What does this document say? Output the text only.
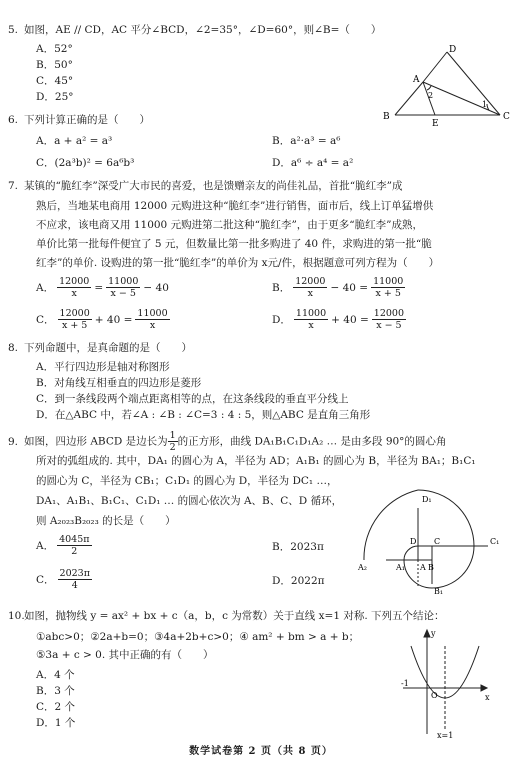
5. 如图，AE // CD，AC 平分∠BCD，∠2=35°，∠D=60°，则∠B=（　　）
A．52°
B．50°
C．45°
D．25°
D
A
B
E
C
1
2
6. 下列计算正确的是（　　）
A．a + a² = a³	B．a²·a³ = a⁶
C．(2a³b)² = 6a⁶b³	D．a⁶ ÷ a⁴ = a²
7. 某镇的“脆红李”深受广大市民的喜爱，也是馈赠亲友的尚佳礼品，首批“脆红李”成
熟后，当地某电商用 12000 元购进这种“脆红李”进行销售，面市后，线上订单猛增供
不应求，该电商又用 11000 元购进第二批这种“脆红李”，由于更多“脆红李”成熟，
单价比第一批每件便宜了 5 元，但数量比第一批多购进了 40 件，求购进的第一批“脆
红李”的单价. 设购进的第一批“脆红李”的单价为 x元/件，根据题意可列方程为（　　）
A． $\frac{12000}{x} = \frac{11000}{x - 5} - 40$	B． $\frac{12000}{x} - 40 = \frac{11000}{x + 5}$
C． $\frac{12000}{x + 5} + 40 = \frac{11000}{x}$	D． $\frac{11000}{x} + 40 = \frac{12000}{x - 5}$
8. 下列命题中，是真命题的是（　　）
A．平行四边形是轴对称图形
B．对角线互相垂直的四边形是菱形
C．到一条线段两个端点距离相等的点，在这条线段的垂直平分线上
D．在△ABC 中，若∠A : ∠B : ∠C=3 : 4 : 5，则△ABC 是直角三角形
9. 如图，四边形 ABCD 是边长为 $\frac{1}{2}$ 的正方形，曲线 DA₁B₁C₁D₁A₂ … 是由多段 90°的圆心角
所对的弧组成的. 其中，DA₁ 的圆心为 A，半径为 AD；A₁B₁ 的圆心为 B，半径为 BA₁；B₁C₁
的圆心为 C，半径为 CB₁；C₁D₁ 的圆心为 D，半径为 DC₁ …，
DA₁、A₁B₁、B₁C₁、C₁D₁ … 的圆心依次为 A、B、C、D 循环，
则 A₂₀₂₃B₂₀₂₃ 的长是（　　）
A． $\frac{4045\pi}{2}$	B．2023π
C． $\frac{2023\pi}{4}$	D．2022π
D₁
D C	C₁
A₂	A₁ A B
B₁
10.如图，抛物线 y = ax² + bx + c（a，b，c 为常数）关于直线 x=1 对称. 下列五个结论：
①abc>0；②2a+b=0；③4a+2b+c>0；④ am² + bm > a + b；
⑤3a + c > 0. 其中正确的有（　　）
A．4 个
B．3 个
C．2 个
D．1 个
y
x
-1
O
x=1
数学试卷第 2 页（共 8 页）
